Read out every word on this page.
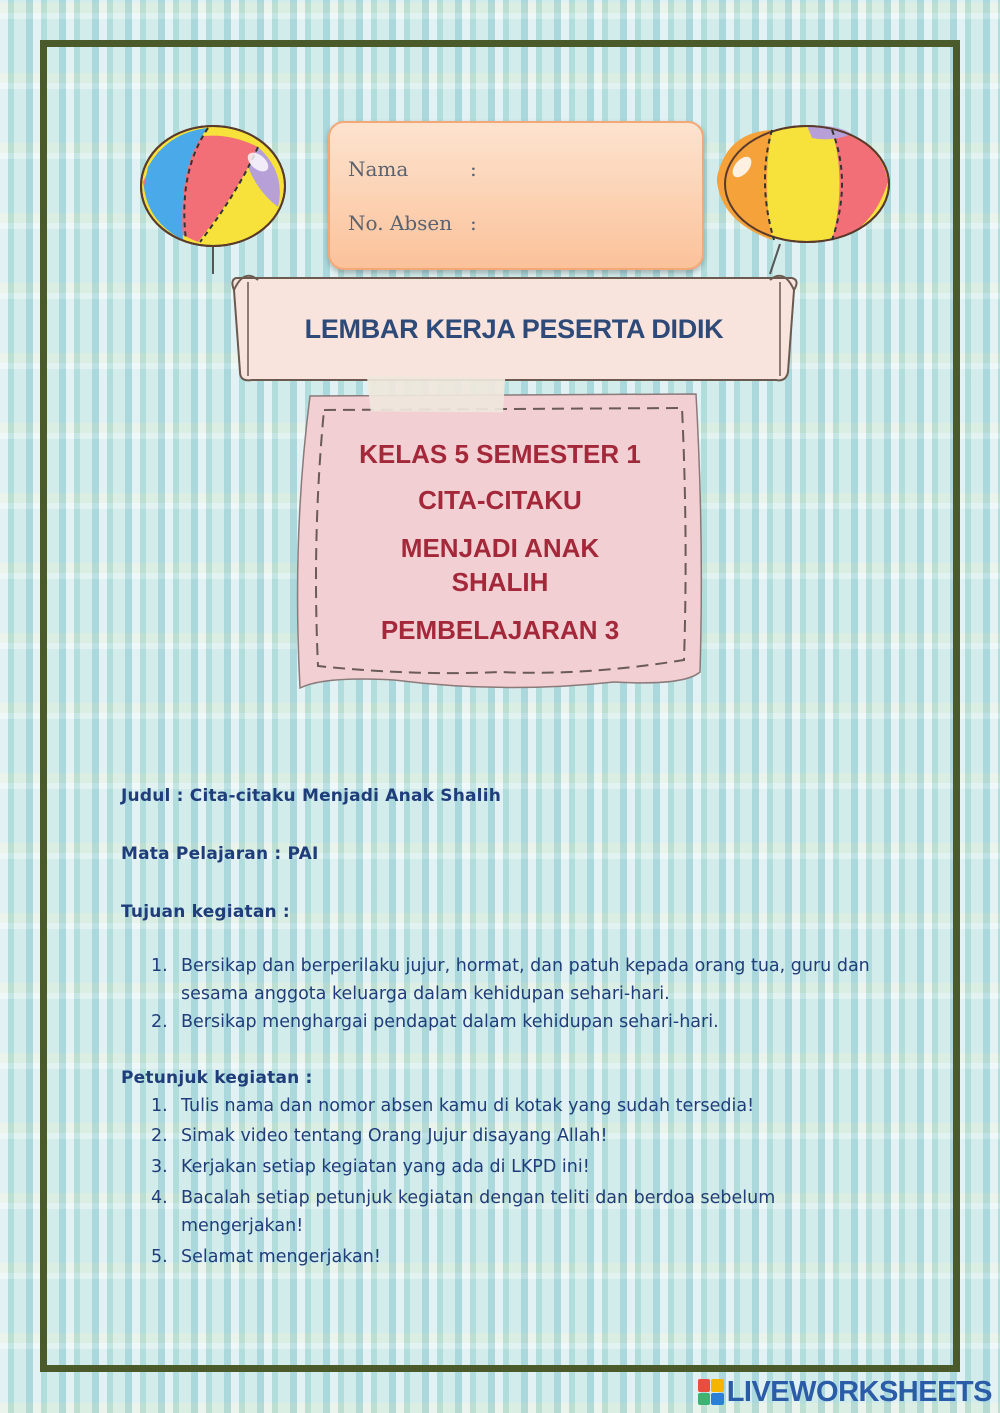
Nama	:
No. Absen :
LEMBAR KERJA PESERTA DIDIK
KELAS 5 SEMESTER 1
CITA-CITAKU
MENJADI ANAK
SHALIH
PEMBELAJARAN 3
Judul : Cita-citaku Menjadi Anak Shalih
Mata Pelajaran : PAI
Tujuan kegiatan :
1. Bersikap dan berperilaku jujur, hormat, dan patuh kepada orang tua, guru dan sesama anggota keluarga dalam kehidupan sehari-hari.
2. Bersikap menghargai pendapat dalam kehidupan sehari-hari.
Petunjuk kegiatan :
1. Tulis nama dan nomor absen kamu di kotak yang sudah tersedia!
2. Simak video tentang Orang Jujur disayang Allah!
3. Kerjakan setiap kegiatan yang ada di LKPD ini!
4. Bacalah setiap petunjuk kegiatan dengan teliti dan berdoa sebelum mengerjakan!
5. Selamat mengerjakan!
LIVEWORKSHEETS
